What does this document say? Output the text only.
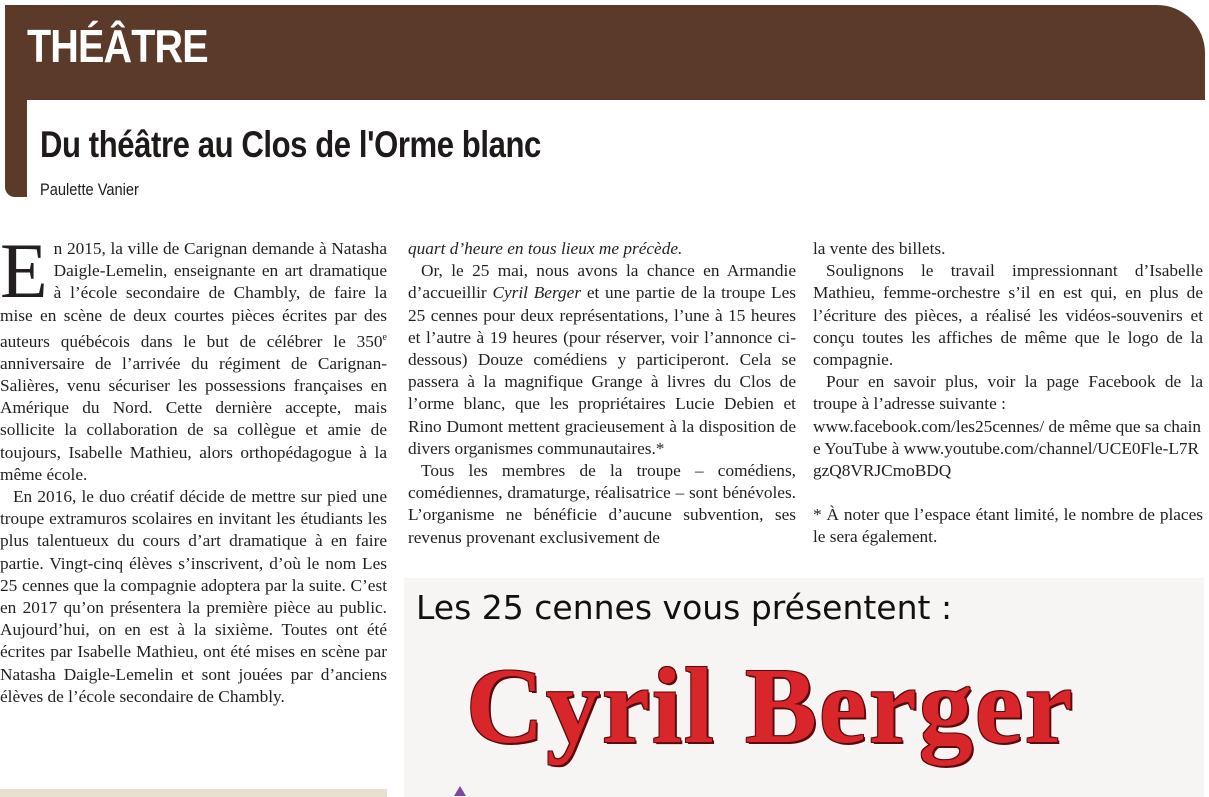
THÉÂTRE
Du théâtre au Clos de l'Orme blanc
Paulette Vanier

En 2015, la ville de Carignan demande à Natasha Daigle-Lemelin, enseignante en art dramatique à l’école secondaire de Chambly, de faire la mise en scène de deux courtes pièces écrites par des auteurs québécois dans le but de célébrer le 350e anniversaire de l’arrivée du régiment de Carignan-Salières, venu sécuriser les possessions françaises en Amérique du Nord. Cette dernière accepte, mais sollicite la collaboration de sa collègue et amie de toujours, Isabelle Mathieu, alors orthopédagogue à la même école.

En 2016, le duo créatif décide de mettre sur pied une troupe extramuros scolaires en invitant les étudiants les plus talentueux du cours d’art dramatique à en faire partie. Vingt-cinq élèves s’inscrivent, d’où le nom Les 25 cennes que la compagnie adoptera par la suite. C’est en 2017 qu’on présentera la première pièce au public. Aujourd’hui, on en est à la sixième. Toutes ont été écrites par Isabelle Mathieu, ont été mises en scène par Natasha Daigle-Lemelin et sont jouées par d’anciens élèves de l’école secondaire de Chambly.

quart d’heure en tous lieux me précède.

Or, le 25 mai, nous avons la chance en Armandie d’accueillir Cyril Berger et une partie de la troupe Les 25 cennes pour deux représentations, l’une à 15 heures et l’autre à 19 heures (pour réserver, voir l’annonce ci-dessous) Douze comédiens y participeront. Cela se passera à la magnifique Grange à livres du Clos de l’orme blanc, que les propriétaires Lucie Debien et Rino Dumont mettent gracieusement à la disposition de divers organismes communautaires.*

Tous les membres de la troupe – comédiens, comédiennes, dramaturge, réalisatrice – sont bénévoles. L’organisme ne bénéficie d’aucune subvention, ses revenus provenant exclusivement de

la vente des billets.

Soulignons le travail impressionnant d’Isabelle Mathieu, femme-orchestre s’il en est qui, en plus de l’écriture des pièces, a réalisé les vidéos-souvenirs et conçu toutes les affiches de même que le logo de la compagnie.

Pour en savoir plus, voir la page Facebook de la troupe à l’adresse suivante :

www.facebook.com/les25cennes/ de même que sa chaine YouTube à www.youtube.com/channel/UCE0Fle-L7RgzQ8VRJCmoBDQ

* À noter que l’espace étant limité, le nombre de places le sera également.

Les 25 cennes vous présentent :
Cyril Berger
